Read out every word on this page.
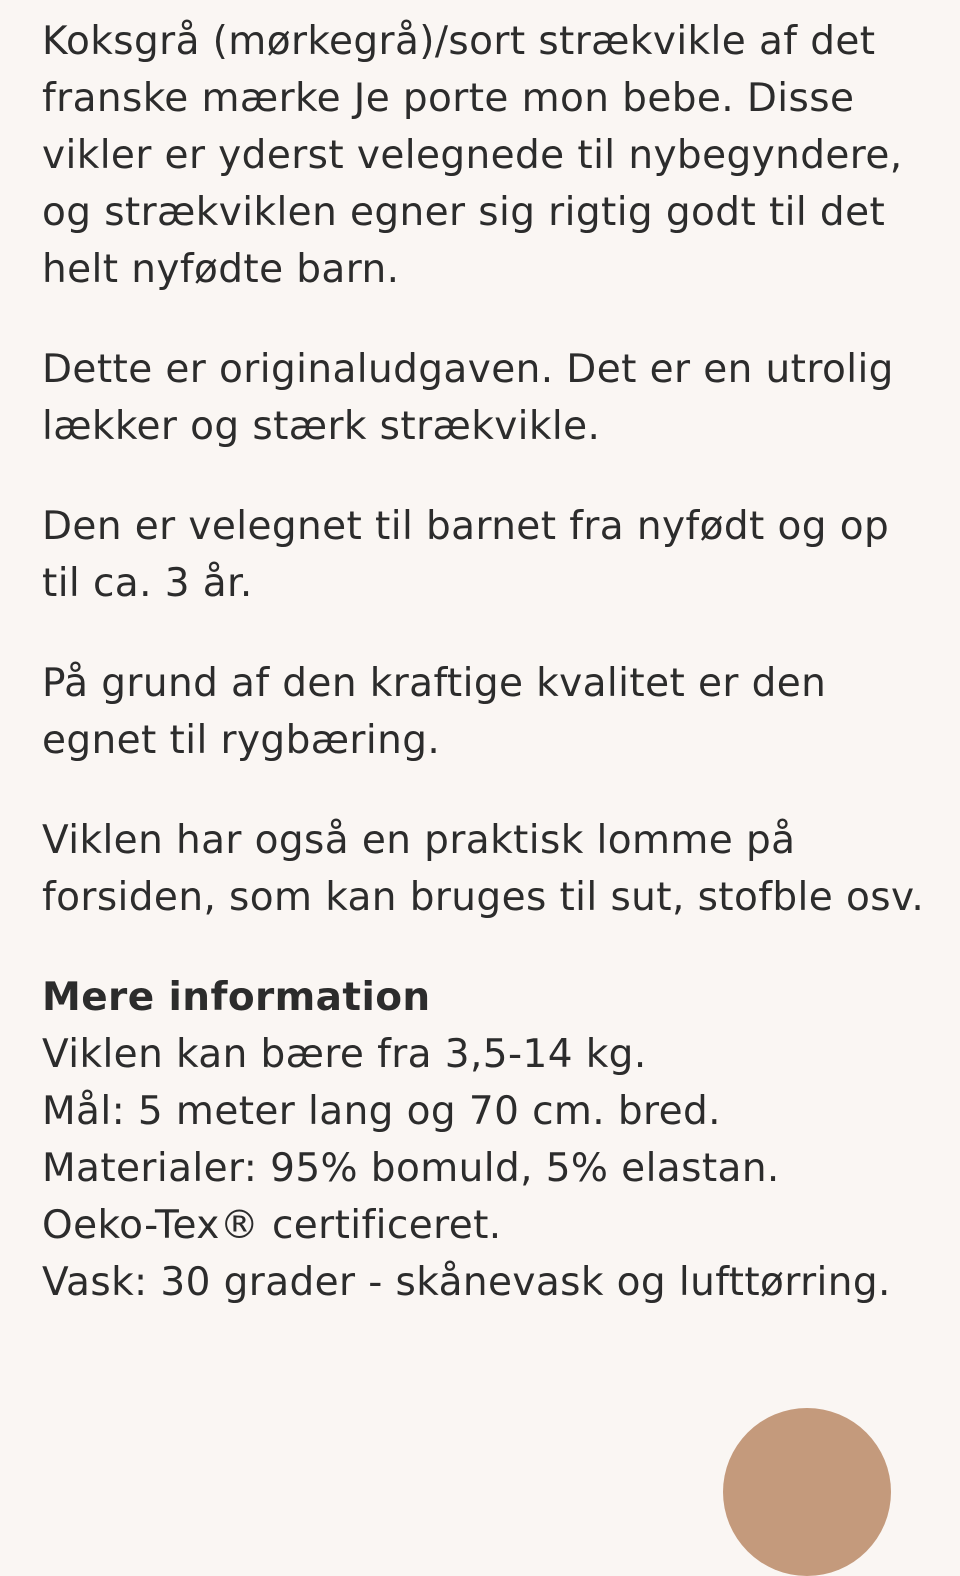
Koksgrå (mørkegrå)/sort strækvikle af det franske mærke Je porte mon bebe. Disse vikler er yderst velegnede til nybegyndere, og strækviklen egner sig rigtig godt til det helt nyfødte barn.

Dette er originaludgaven. Det er en utrolig lækker og stærk strækvikle.

Den er velegnet til barnet fra nyfødt og op til ca. 3 år.

På grund af den kraftige kvalitet er den egnet til rygbæring.

Viklen har også en praktisk lomme på forsiden, som kan bruges til sut, stofble osv.

Mere information
Viklen kan bære fra 3,5-14 kg.
Mål: 5 meter lang og 70 cm. bred.
Materialer: 95% bomuld, 5% elastan.
Oeko-Tex® certificeret.
Vask: 30 grader - skånevask og lufttørring.
